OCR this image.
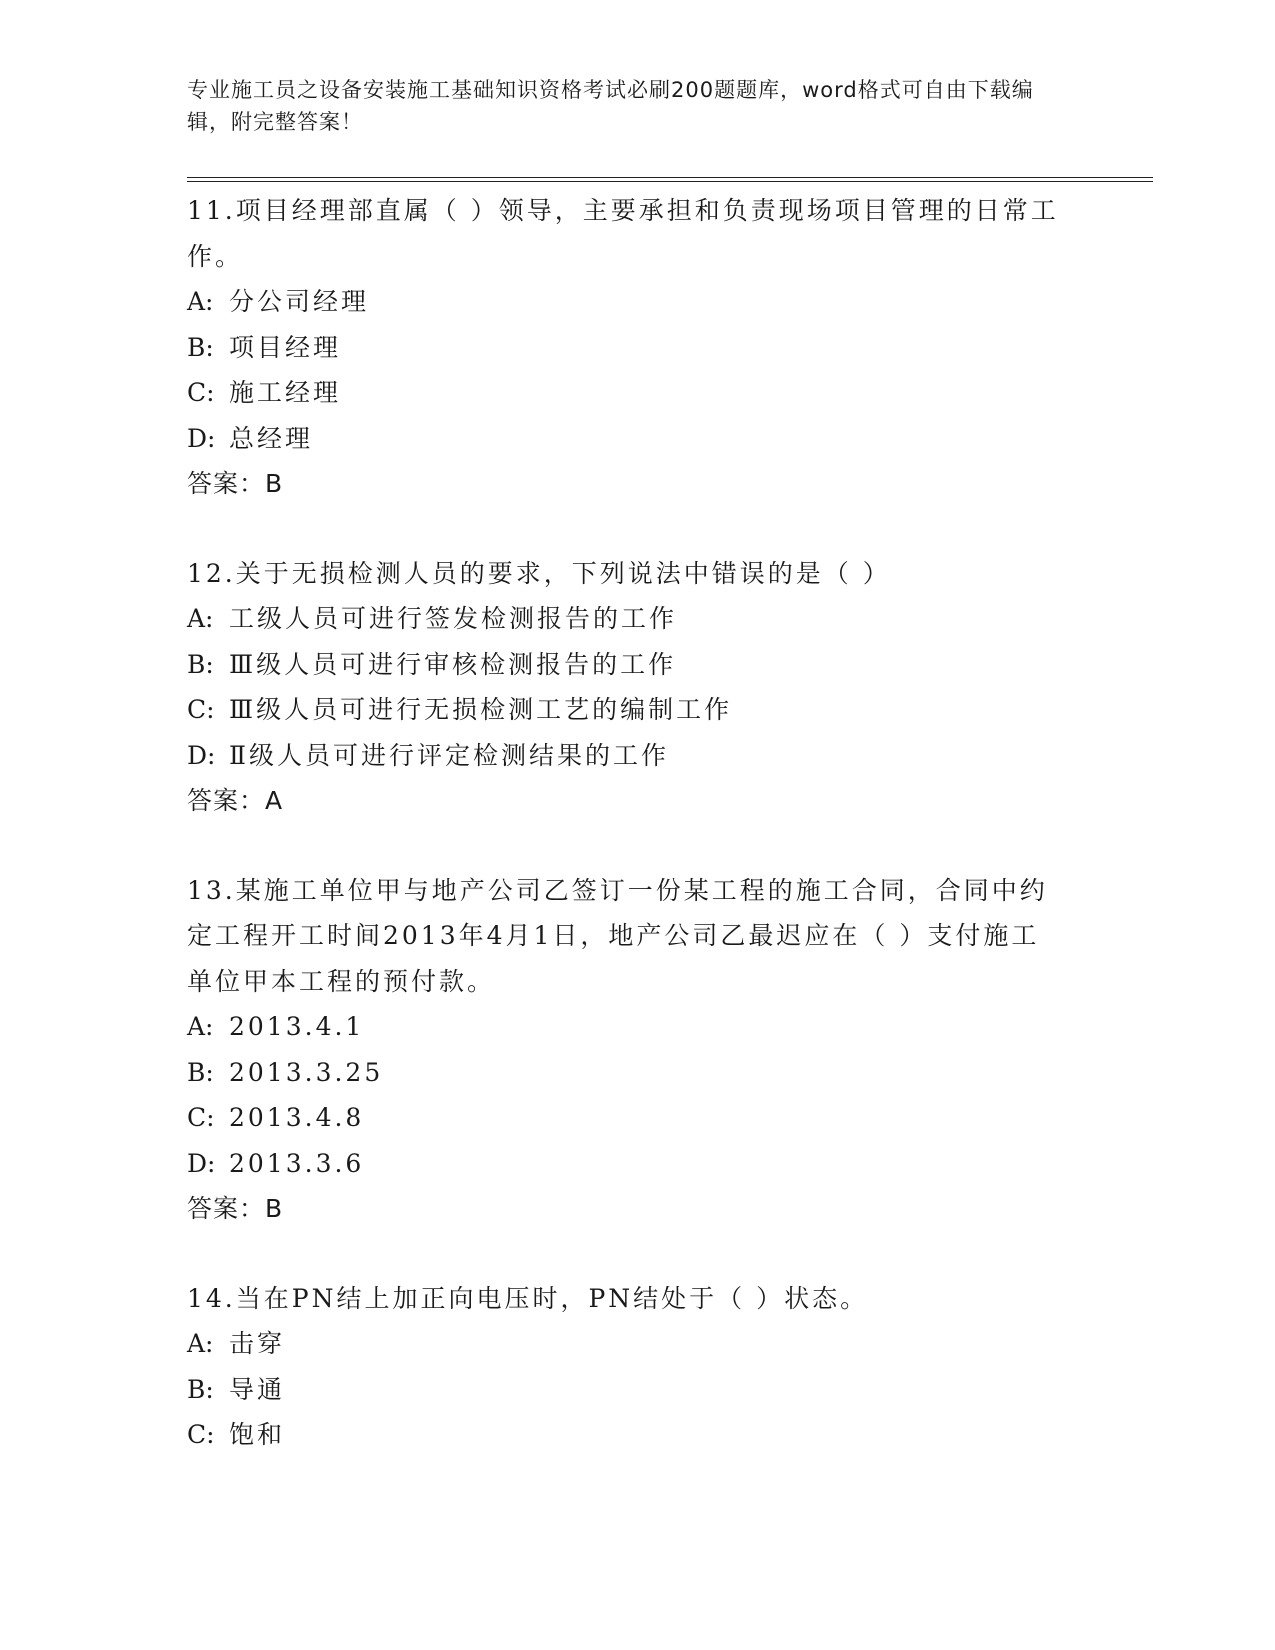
专业施工员之设备安装施工基础知识资格考试必刷200题题库，word格式可自由下载编辑，附完整答案！
11.项目经理部直属（ ）领导，主要承担和负责现场项目管理的日常工作。
A: 分公司经理
B: 项目经理
C: 施工经理
D: 总经理
答案：B
12.关于无损检测人员的要求，下列说法中错误的是（ ）
A: 工级人员可进行签发检测报告的工作
B: Ⅲ级人员可进行审核检测报告的工作
C: Ⅲ级人员可进行无损检测工艺的编制工作
D: Ⅱ级人员可进行评定检测结果的工作
答案：A
13.某施工单位甲与地产公司乙签订一份某工程的施工合同，合同中约定工程开工时间2013年4月1日，地产公司乙最迟应在（ ）支付施工单位甲本工程的预付款。
A: 2013.4.1
B: 2013.3.25
C: 2013.4.8
D: 2013.3.6
答案：B
14.当在PN结上加正向电压时，PN结处于（ ）状态。
A: 击穿
B: 导通
C: 饱和
